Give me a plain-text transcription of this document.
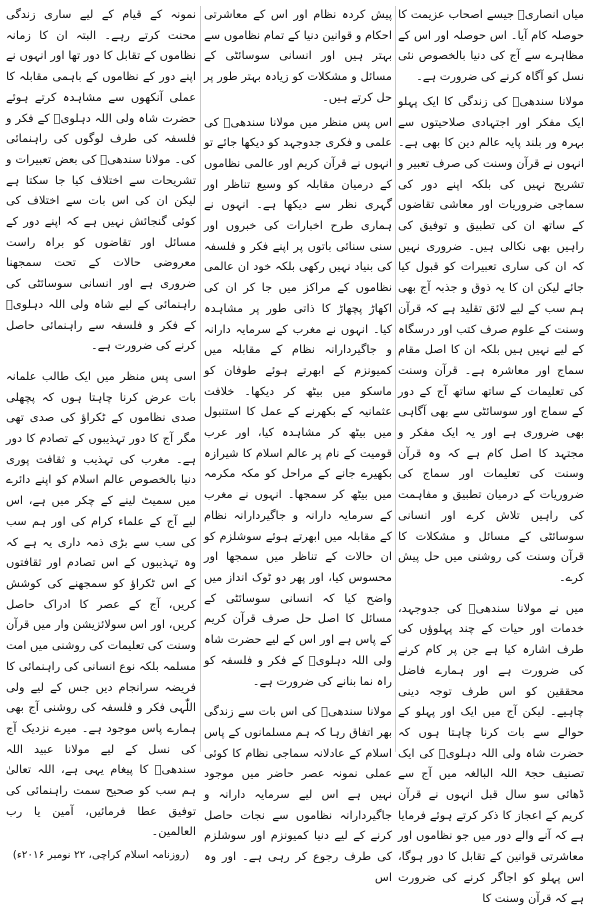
میاں انصاریؒ جیسے اصحاب عزیمت کا حوصلہ کام آیا۔ اس حوصلہ اور اس کے مظاہرے سے آج کی دنیا بالخصوص نئی نسل کو آگاہ کرنے کی ضرورت ہے۔

مولانا سندھیؒ کی زندگی کا ایک پہلو ایک مفکر اور اجتہادی صلاحیتوں سے بہرہ ور بلند پایہ عالم دین کا بھی ہے۔ انہوں نے قرآن وسنت کی صرف تعبیر و تشریح نہیں کی بلکہ اپنے دور کی سماجی ضروریات اور معاشی تقاضوں کے ساتھ ان کی تطبیق و توفیق کی راہیں بھی نکالی ہیں۔ ضروری نہیں کہ ان کی ساری تعبیرات کو قبول کیا جائے لیکن ان کا یہ ذوق و جذبہ آج بھی ہم سب کے لیے لائق تقلید ہے کہ قرآن وسنت کے علوم صرف کتب اور درسگاہ کے لیے نہیں ہیں بلکہ ان کا اصل مقام سماج اور معاشرہ ہے۔ قرآن وسنت کی تعلیمات کے ساتھ ساتھ آج کے دور کے سماج اور سوسائٹی سے بھی آگاہی بھی ضروری ہے اور یہ ایک مفکر و مجتہد کا اصل کام ہے کہ وہ قرآن وسنت کی تعلیمات اور سماج کی ضروریات کے درمیان تطبیق و مفاہمت کی راہیں تلاش کرے اور انسانی سوسائٹی کے مسائل و مشکلات کا قرآن وسنت کی روشنی میں حل پیش کرے۔

میں نے مولانا سندھیؒ کی جدوجہد، خدمات اور حیات کے چند پہلوؤں کی طرف اشارہ کیا ہے جن پر کام کرنے کی ضرورت ہے اور ہمارے فاضل محققین کو اس طرف توجہ دینی چاہیے۔ لیکن آج میں ایک اور پہلو کے حوالے سے بات کرنا چاہتا ہوں کہ حضرت شاہ ولی اللہ دہلویؒ کی ایک تصنیف حجۃ اللہ البالغہ میں آج سے ڈھائی سو سال قبل انہوں نے قرآن کریم کے اعجاز کا ذکر کرتے ہوئے فرمایا ہے کہ آنے والے دور میں جو نظاموں اور معاشرتی قوانین کے تقابل کا دور ہوگا، اس پہلو کو اجاگر کرنے کی ضرورت ہے کہ قرآن وسنت کا

پیش کردہ نظام اور اس کے معاشرتی احکام و قوانین دنیا کے تمام نظاموں سے بہتر ہیں اور انسانی سوسائٹی کے مسائل و مشکلات کو زیادہ بہتر طور پر حل کرتے ہیں۔

اس پس منظر میں مولانا سندھیؒ کی علمی و فکری جدوجہد کو دیکھا جائے تو انہوں نے قرآن کریم اور عالمی نظاموں کے درمیان مقابلہ کو وسیع تناظر اور گہری نظر سے دیکھا ہے۔ انہوں نے ہماری طرح اخبارات کی خبروں اور سنی سنائی باتوں پر اپنے فکر و فلسفہ کی بنیاد نہیں رکھی بلکہ خود ان عالمی نظاموں کے مراکز میں جا کر ان کی اکھاڑ پچھاڑ کا ذاتی طور پر مشاہدہ کیا۔ انہوں نے مغرب کے سرمایہ دارانہ و جاگیردارانہ نظام کے مقابلہ میں کمیونزم کے ابھرتے ہوئے طوفان کو ماسکو میں بیٹھ کر دیکھا۔ خلافت عثمانیہ کے بکھرنے کے عمل کا استنبول میں بیٹھ کر مشاہدہ کیا، اور عرب قومیت کے نام پر عالم اسلام کا شیرازہ بکھیرے جانے کے مراحل کو مکہ مکرمہ میں بیٹھ کر سمجھا۔ انہوں نے مغرب کے سرمایہ دارانہ و جاگیردارانہ نظام کے مقابلہ میں ابھرتے ہوئے سوشلزم کو ان حالات کے تناظر میں سمجھا اور محسوس کیا، اور پھر دو ٹوک انداز میں واضح کیا کہ انسانی سوسائٹی کے مسائل کا اصل حل صرف قرآن کریم کے پاس ہے اور اس کے لیے حضرت شاہ ولی اللہ دہلویؒ کے فکر و فلسفہ کو راہ نما بنانے کی ضرورت ہے۔

مولانا سندھیؒ کی اس بات سے زندگی بھر اتفاق رہا کہ ہم مسلمانوں کے پاس اسلام کے عادلانہ سماجی نظام کا کوئی عملی نمونہ عصر حاضر میں موجود نہیں ہے اس لیے سرمایہ دارانہ و جاگیردارانہ نظاموں سے نجات حاصل کرنے کے لیے دنیا کمیونزم اور سوشلزم کی طرف رجوع کر رہی ہے۔ اور وہ اس

نمونہ کے قیام کے لیے ساری زندگی محنت کرتے رہے۔ البتہ ان کا زمانہ نظاموں کے تقابل کا دور تھا اور انہوں نے اپنے دور کے نظاموں کے باہمی مقابلہ کا عملی آنکھوں سے مشاہدہ کرتے ہوئے حضرت شاہ ولی اللہ دہلویؒ کے فکر و فلسفہ کی طرف لوگوں کی راہنمائی کی۔ مولانا سندھیؒ کی بعض تعبیرات و تشریحات سے اختلاف کیا جا سکتا ہے لیکن ان کی اس بات سے اختلاف کی کوئی گنجائش نہیں ہے کہ اپنے دور کے مسائل اور تقاضوں کو براہ راست معروضی حالات کے تحت سمجھنا ضروری ہے اور انسانی سوسائٹی کی راہنمائی کے لیے شاہ ولی اللہ دہلویؒ کے فکر و فلسفہ سے راہنمائی حاصل کرنے کی ضرورت ہے۔

اسی پس منظر میں ایک طالب علمانہ بات عرض کرنا چاہتا ہوں کہ پچھلی صدی نظاموں کے ٹکراؤ کی صدی تھی مگر آج کا دور تہذیبوں کے تصادم کا دور ہے۔ مغرب کی تہذیب و ثقافت پوری دنیا بالخصوص عالم اسلام کو اپنے دائرے میں سمیٹ لینے کے چکر میں ہے، اس لیے آج کے علماء کرام کی اور ہم سب کی سب سے بڑی ذمہ داری یہ ہے کہ وہ تہذیبوں کے اس تصادم اور ثقافتوں کے اس ٹکراؤ کو سمجھنے کی کوشش کریں، آج کے عصر کا ادراک حاصل کریں، اور اس سولائزیشن وار میں قرآن وسنت کی تعلیمات کی روشنی میں امت مسلمہ بلکہ نوع انسانی کی راہنمائی کا فریضہ سرانجام دیں جس کے لیے ولی اللّٰہی فکر و فلسفہ کی روشنی آج بھی ہمارے پاس موجود ہے۔ میرے نزدیک آج کی نسل کے لیے مولانا عبید اللہ سندھیؒ کا پیغام یہی ہے، اللہ تعالیٰ ہم سب کو صحیح سمت راہنمائی کی توفیق عطا فرمائیں، آمین یا رب العالمین۔

(روزنامہ اسلام کراچی، ۲۲ نومبر ۲۰۱۶ء)
